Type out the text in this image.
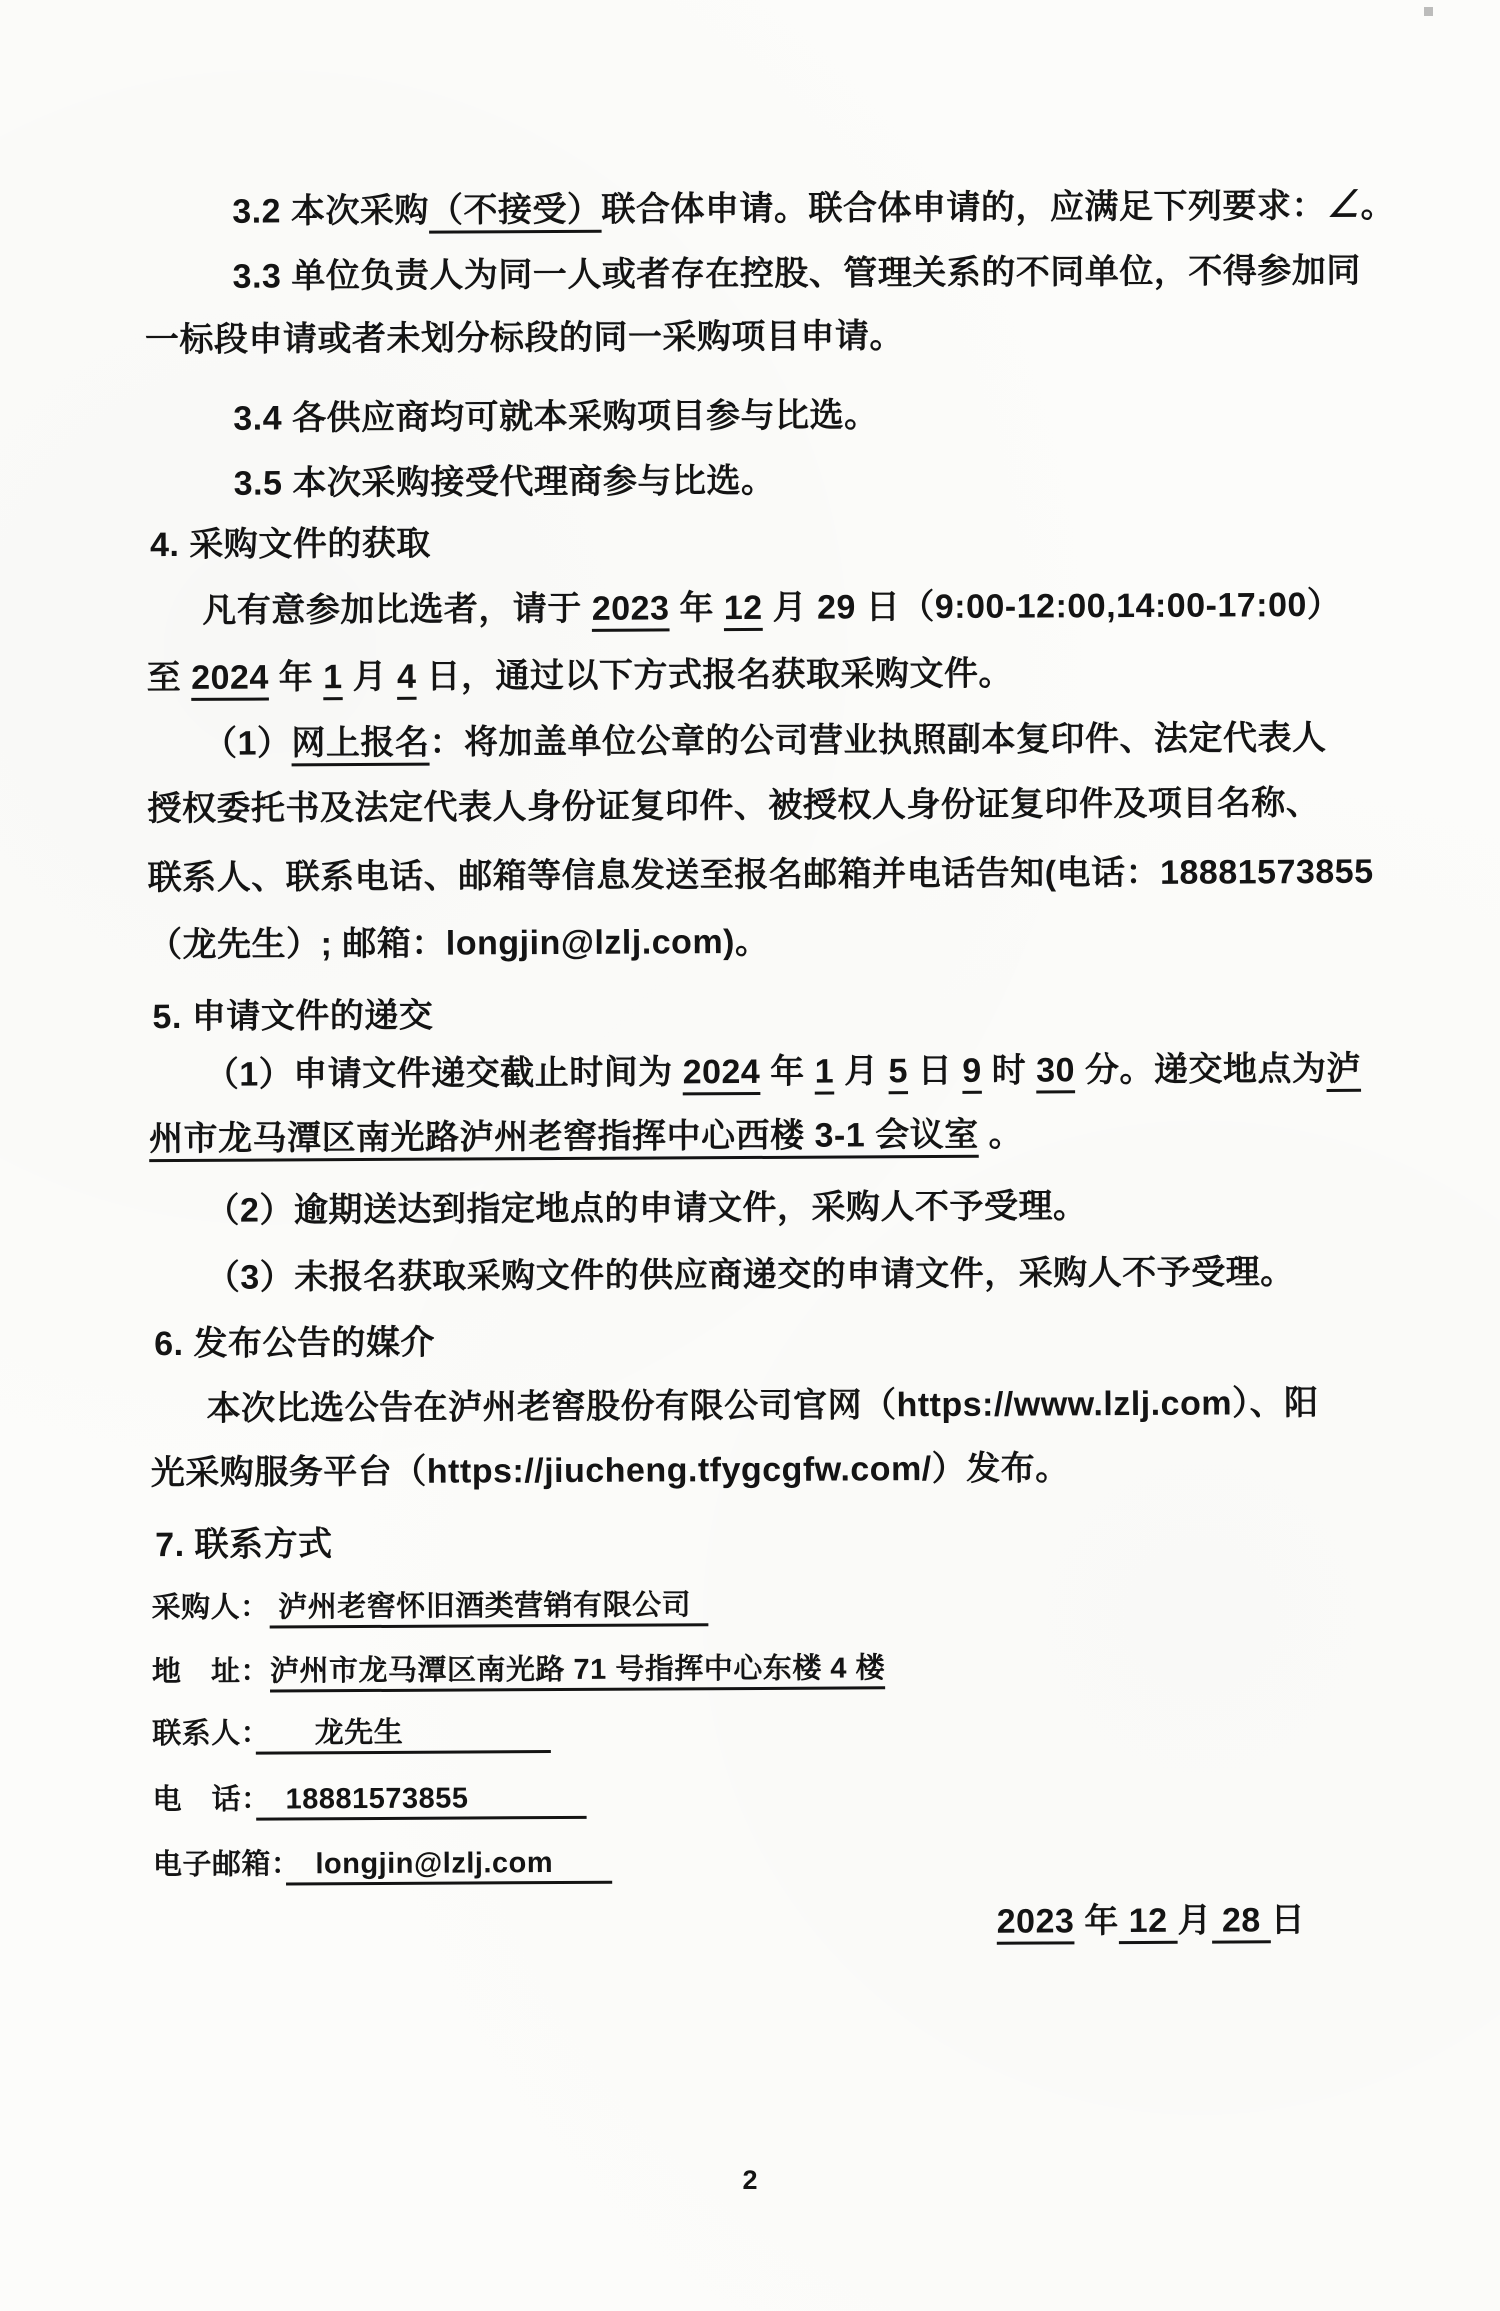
3.2 本次采购（不接受）联合体申请。联合体申请的，应满足下列要求：∠。
3.3 单位负责人为同一人或者存在控股、管理关系的不同单位，不得参加同
一标段申请或者未划分标段的同一采购项目申请。
3.4 各供应商均可就本采购项目参与比选。
3.5 本次采购接受代理商参与比选。
4. 采购文件的获取
凡有意参加比选者，请于 2023 年 12 月 29 日（9:00-12:00,14:00-17:00）
至 2024 年 1 月 4 日，通过以下方式报名获取采购文件。
（1）网上报名：将加盖单位公章的公司营业执照副本复印件、法定代表人
授权委托书及法定代表人身份证复印件、被授权人身份证复印件及项目名称、
联系人、联系电话、邮箱等信息发送至报名邮箱并电话告知(电话：18881573855
（龙先生）; 邮箱：longjin@lzlj.com)。
5. 申请文件的递交
（1）申请文件递交截止时间为 2024 年 1 月 5 日 9 时 30 分。递交地点为泸
州市龙马潭区南光路泸州老窖指挥中心西楼 3-1 会议室 。
（2）逾期送达到指定地点的申请文件，采购人不予受理。
（3）未报名获取采购文件的供应商递交的申请文件，采购人不予受理。
6. 发布公告的媒介
本次比选公告在泸州老窖股份有限公司官网（https://www.lzlj.com）、阳
光采购服务平台（https://jiucheng.tfygcgfw.com/）发布。
7. 联系方式
采购人： 泸州老窖怀旧酒类营销有限公司
地　址：泸州市龙马潭区南光路 71 号指挥中心东楼 4 楼
联系人：　　龙先生　　　　　
电　话：　18881573855　　　　
电子邮箱：　longjin@lzlj.com　　
2023 年 12 月 28 日
2
